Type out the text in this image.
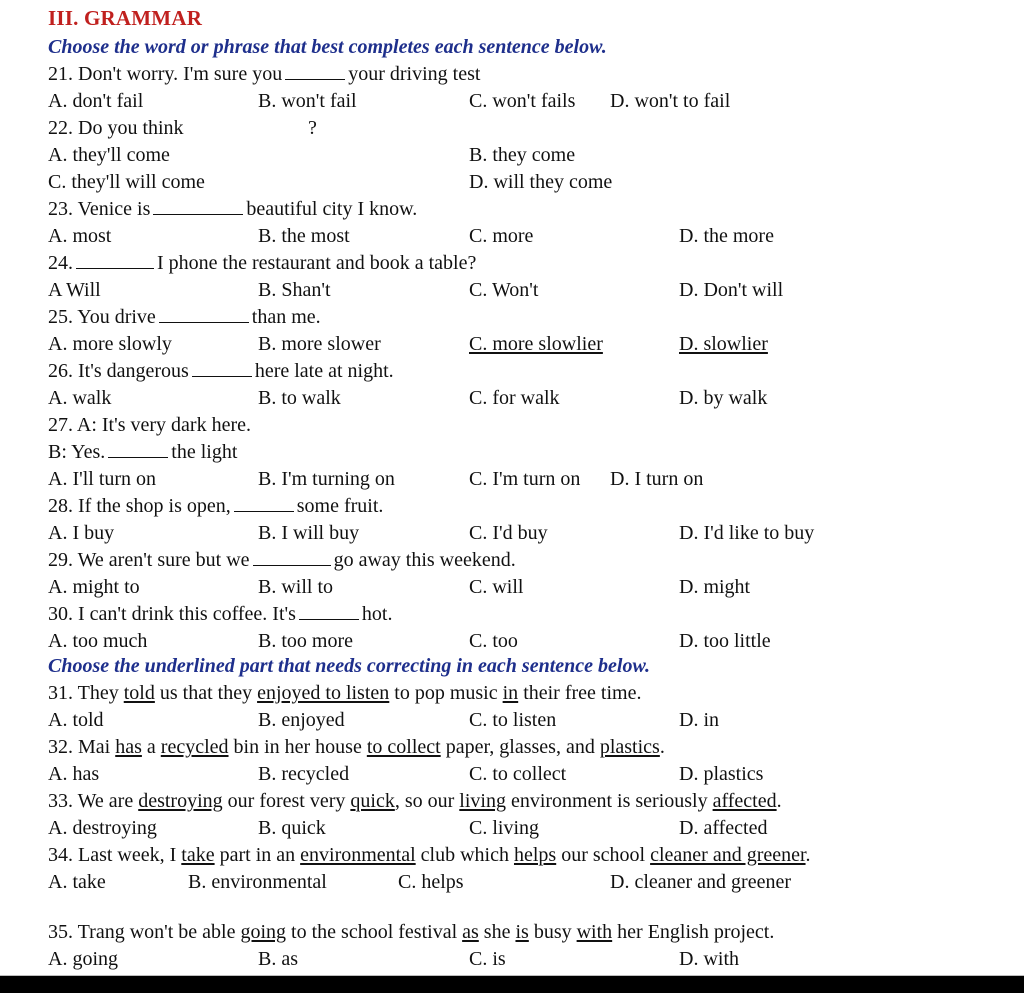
III. GRAMMAR
Choose the word or phrase that best completes each sentence below.
21. Don't worry. I'm sure you	your driving test
A. don't fail	B. won't fail	C. won't fails D. won't to fail
22. Do you think	?
A. they'll come	B. they come
C. they'll will come	D. will they come
23. Venice is	beautiful city I know.
A. most	B. the most	C. more	D. the more
24.	I phone the restaurant and book a table?
A Will	B. Shan't	C. Won't	D. Don't will
25. You drive	than me.
A. more slowly	B. more slower	C. more slowlier	D. slowlier
26. It's dangerous	here late at night.
A. walk	B. to walk	C. for walk	D. by walk
27. A: It's very dark here.
B: Yes.	the light
A. I'll turn on	B. I'm turning on	C. I'm turn on D. I turn on
28. If the shop is open,	some fruit.
A. I buy	B. I will buy	C. I'd buy	D. I'd like to buy
29. We aren't sure but we	go away this weekend.
A. might to	B. will to	C. will	D. might
30. I can't drink this coffee. It's	hot.
A. too much	B. too more	C. too	D. too little
Choose the underlined part that needs correcting in each sentence below.
31. They told us that they enjoyed to listen to pop music in their free time.
A. told	B. enjoyed	C. to listen	D. in
32. Mai has a recycled bin in her house to collect paper, glasses, and plastics.
A. has	B. recycled	C. to collect	D. plastics
33. We are destroying our forest very quick, so our living environment is seriously affected.
A. destroying	B. quick	C. living	D. affected
34. Last week, I take part in an environmental club which helps our school cleaner and greener.
A. take	B. environmental	C. helps	D. cleaner and greener
35. Trang won't be able going to the school festival as she is busy with her English project.
A. going	B. as	C. is	D. with
